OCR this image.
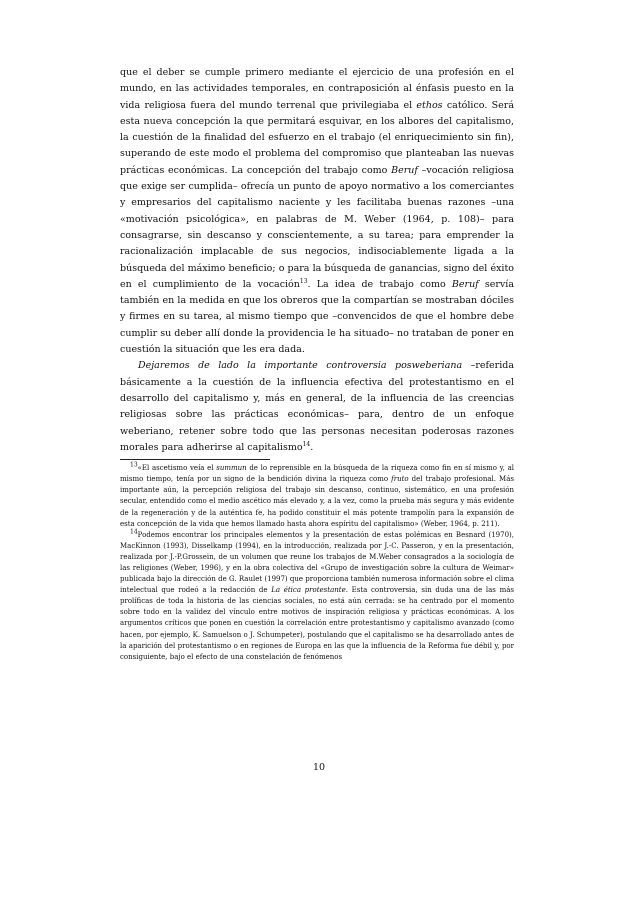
que el deber se cumple primero mediante el ejercicio de una profesión en el mundo, en las actividades temporales, en contraposición al énfasis puesto en la vida religiosa fuera del mundo terrenal que privilegiaba el ethos católico. Será esta nueva concepción la que permitará esquivar, en los albores del capitalismo, la cuestión de la finalidad del esfuerzo en el trabajo (el enriquecimiento sin fin), superando de este modo el problema del compromiso que planteaban las nuevas prácticas económicas. La concepción del trabajo como Beruf –vocación religiosa que exige ser cumplida– ofrecía un punto de apoyo normativo a los comerciantes y empresarios del capitalismo naciente y les facilitaba buenas razones –una «motivación psicológica», en palabras de M. Weber (1964, p. 108)– para consagrarse, sin descanso y conscientemente, a su tarea; para emprender la racionalización implacable de sus negocios, indisociablemente ligada a la búsqueda del máximo beneficio; o para la búsqueda de ganancias, signo del éxito en el cumplimiento de la vocación$^{13}$. La idea de trabajo como Beruf servía también en la medida en que los obreros que la compartían se mostraban dóciles y firmes en su tarea, al mismo tiempo que –convencidos de que el hombre debe cumplir su deber allí donde la providencia le ha situado– no trataban de poner en cuestión la situación que les era dada.

Dejaremos de lado la importante controversia posweberiana –referida básicamente a la cuestión de la influencia efectiva del protestantismo en el desarrollo del capitalismo y, más en general, de la influencia de las creencias religiosas sobre las prácticas económicas– para, dentro de un enfoque weberiano, retener sobre todo que las personas necesitan poderosas razones morales para adherirse al capitalismo$^{14}$.

$^{13}$«El ascetismo veía el summun de lo reprensible en la búsqueda de la riqueza como fin en sí mismo y, al mismo tiempo, tenía por un signo de la bendición divina la riqueza como fruto del trabajo profesional. Más importante aún, la percepción religiosa del trabajo sin descanso, continuo, sistemático, en una profesión secular, entendido como el medio ascético más elevado y, a la vez, como la prueba más segura y más evidente de la regeneración y de la auténtica fe, ha podido constituir el más potente trampolín para la expansión de esta concepción de la vida que hemos llamado hasta ahora espíritu del capitalismo» (Weber, 1964, p. 211).

$^{14}$Podemos encontrar los principales elementos y la presentación de estas polémicas en Besnard (1970), MacKinnon (1993), Disselkamp (1994), en la introducción, realizada por J.-C. Passeron, y en la presentación, realizada por J.-P.Grossein, de un volumen que reune los trabajos de M.Weber consagrados a la sociología de las religiones (Weber, 1996), y en la obra colectiva del «Grupo de investigación sobre la cultura de Weimar» publicada bajo la dirección de G. Raulet (1997) que proporciona también numerosa información sobre el clima intelectual que rodeó a la redacción de La ética protestante. Esta controversia, sin duda una de las más prolíficas de toda la historia de las ciencias sociales, no está aún cerrada: se ha centrado por el momento sobre todo en la validez del vínculo entre motivos de inspiración religiosa y prácticas económicas. A los argumentos críticos que ponen en cuestión la correlación entre protestantismo y capitalismo avanzado (como hacen, por ejemplo, K. Samuelson o J. Schumpeter), postulando que el capitalismo se ha desarrollado antes de la aparición del protestantismo o en regiones de Europa en las que la influencia de la Reforma fue débil y, por consiguiente, bajo el efecto de una constelación de fenómenos

10
